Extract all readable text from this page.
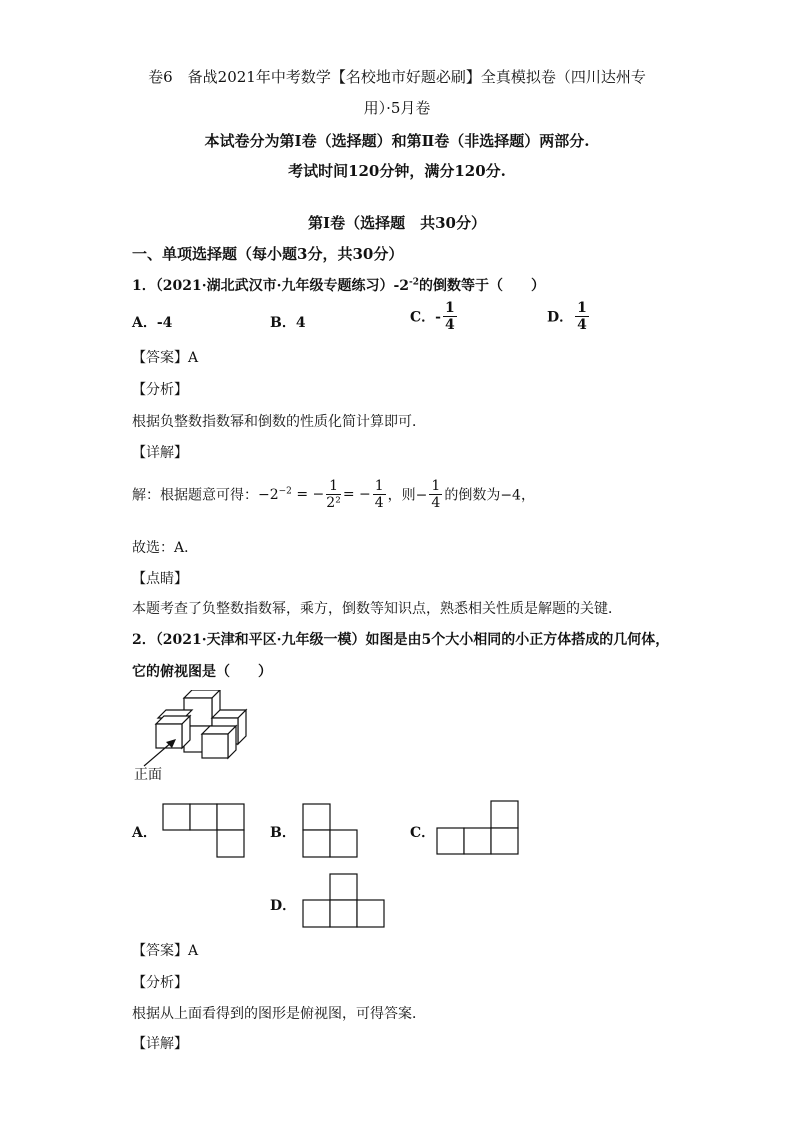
卷6　备战2021年中考数学【名校地市好题必刷】全真模拟卷（四川达州专
用）·5月卷
本试卷分为第Ⅰ卷（选择题）和第Ⅱ卷（非选择题）两部分.
考试时间120分钟，满分120分.
第Ⅰ卷（选择题　共30分）
一、单项选择题（每小题3分，共30分）
1．（2021·湖北武汉市·九年级专题练习）$-2^{-2}$的倒数等于（　　）
A．-4	B．4	C．- $\frac{1}{4}$	D． $\frac{1}{4}$
【答案】A
【分析】
根据负整数指数幂和倒数的性质化简计算即可．
【详解】
解：根据题意可得：$-2^{-2}$ = − $\frac{1}{\text{2²}}$ = − $\frac{1}{4}$ ，则− $\frac{1}{4}$ 的倒数为−4，
故选：A．
【点睛】
本题考查了负整数指数幂，乘方，倒数等知识点，熟悉相关性质是解题的关键．
2．（2021·天津和平区·九年级一模）如图是由5个大小相同的小正方体搭成的几何体，
它的俯视图是（　　）
正面
A．	B．	C．
D．
【答案】A
【分析】
根据从上面看得到的图形是俯视图，可得答案．
【详解】
